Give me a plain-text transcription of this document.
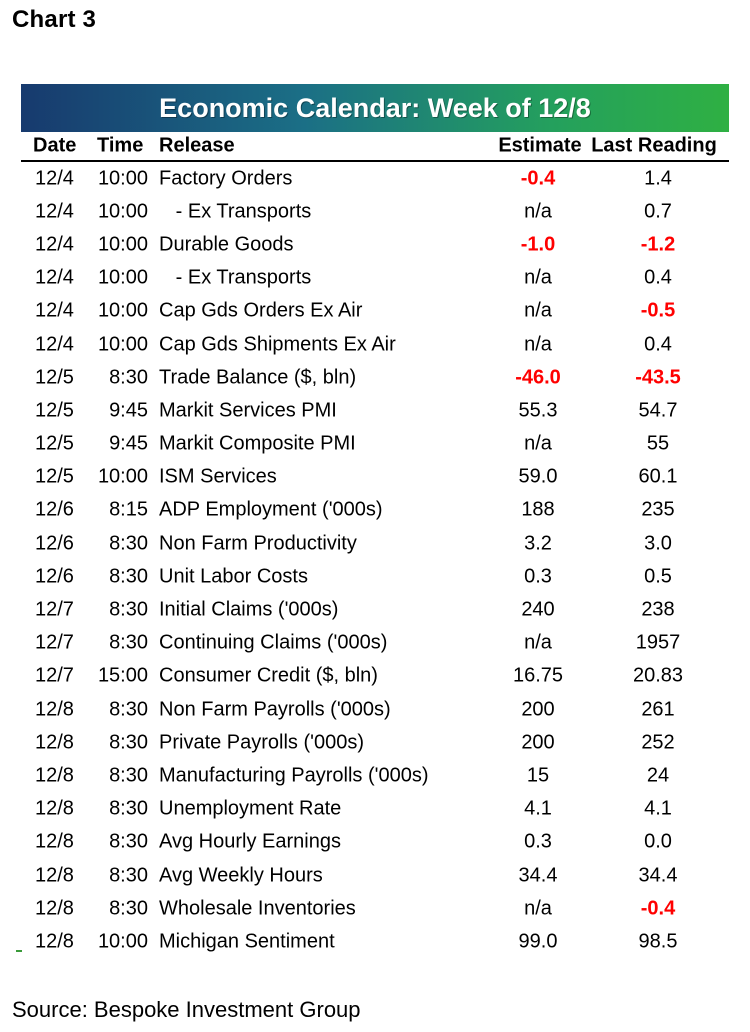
Chart 3
Economic Calendar: Week of 12/8
Date	Time Release	Estimate Last Reading
12/4	10:00 Factory Orders	-0.4	1.4
12/4	10:00 - Ex Transports	n/a	0.7
12/4	10:00 Durable Goods	-1.0	-1.2
12/4	10:00 - Ex Transports	n/a	0.4
12/4	10:00 Cap Gds Orders Ex Air	n/a	-0.5
12/4	10:00 Cap Gds Shipments Ex Air	n/a	0.4
12/5	8:30 Trade Balance ($, bln)	-46.0	-43.5
12/5	9:45 Markit Services PMI	55.3	54.7
12/5	9:45 Markit Composite PMI	n/a	55
12/5	10:00 ISM Services	59.0	60.1
12/6	8:15 ADP Employment ('000s)	188	235
12/6	8:30 Non Farm Productivity	3.2	3.0
12/6	8:30 Unit Labor Costs	0.3	0.5
12/7	8:30 Initial Claims ('000s)	240	238
12/7	8:30 Continuing Claims ('000s)	n/a	1957
12/7	15:00 Consumer Credit ($, bln)	16.75	20.83
12/8	8:30 Non Farm Payrolls ('000s)	200	261
12/8	8:30 Private Payrolls ('000s)	200	252
12/8	8:30 Manufacturing Payrolls ('000s)	15	24
12/8	8:30 Unemployment Rate	4.1	4.1
12/8	8:30 Avg Hourly Earnings	0.3	0.0
12/8	8:30 Avg Weekly Hours	34.4	34.4
12/8	8:30 Wholesale Inventories	n/a	-0.4
12/8	10:00 Michigan Sentiment	99.0	98.5
Source: Bespoke Investment Group
